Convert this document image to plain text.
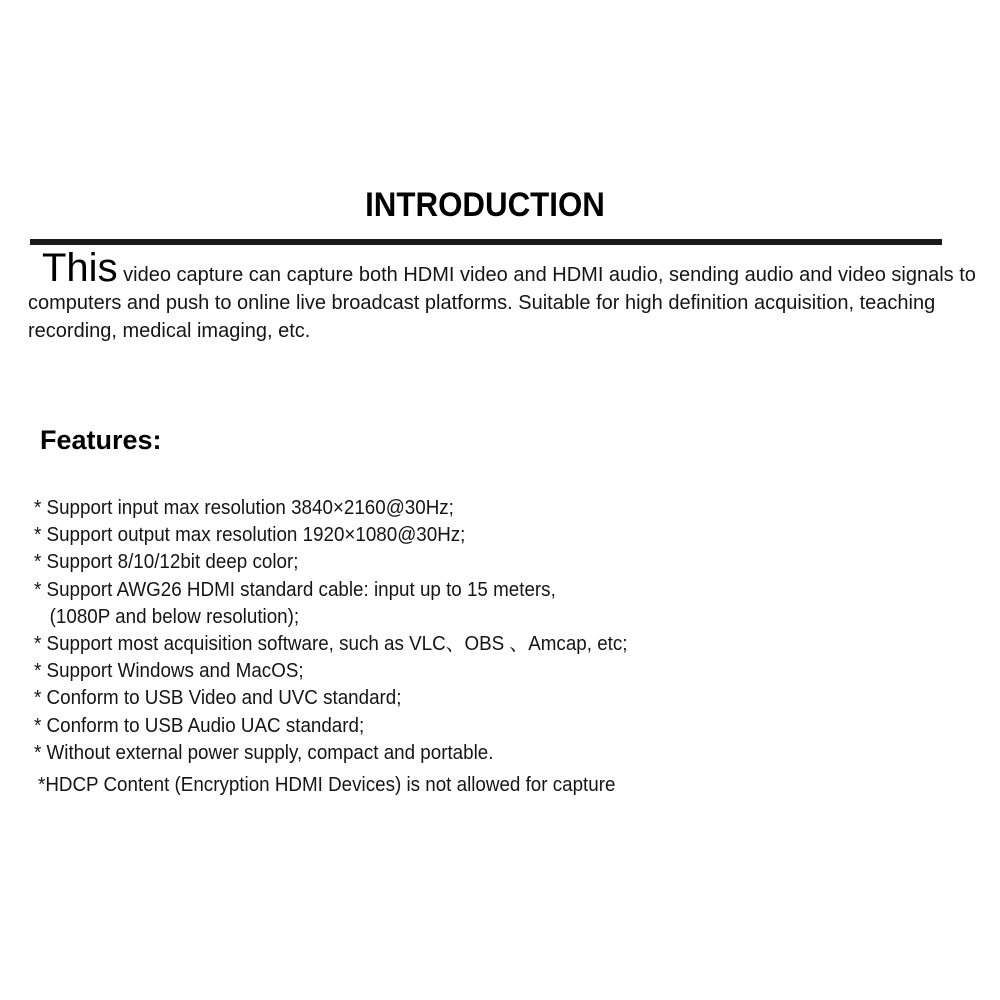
INTRODUCTION

This video capture can capture both HDMI video and HDMI audio, sending audio and video signals to computers and push to online live broadcast platforms. Suitable for high definition acquisition, teaching recording, medical imaging, etc.

Features:
* Support input max resolution 3840×2160@30Hz;
* Support output max resolution 1920×1080@30Hz;
* Support 8/10/12bit deep color;
* Support AWG26 HDMI standard cable: input up to 15 meters,
(1080P and below resolution);
* Support most acquisition software, such as VLC、OBS 、Amcap, etc;
* Support Windows and MacOS;
* Conform to USB Video and UVC standard;
* Conform to USB Audio UAC standard;
* Without external power supply, compact and portable.
*HDCP Content (Encryption HDMI Devices) is not allowed for capture
